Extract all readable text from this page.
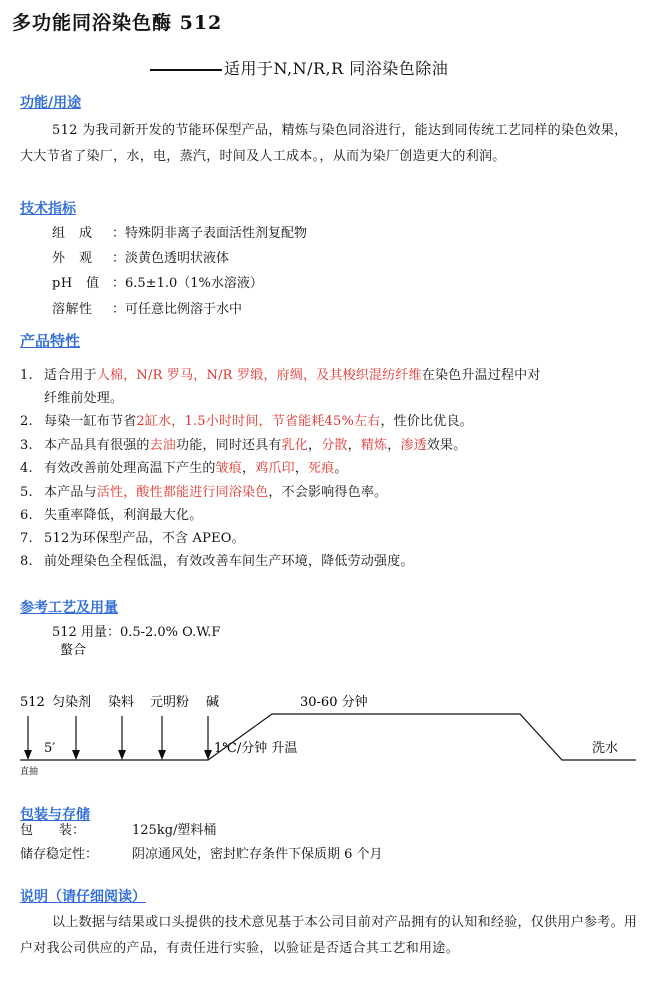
多功能同浴染色酶 512
适用于N,N/R,R 同浴染色除油
功能/用途
512 为我司新开发的节能环保型产品，精炼与染色同浴进行，能达到同传统工艺同样的染色效果，大大节省了染厂，水，电，蒸汽，时间及人工成本。，从而为染厂创造更大的利润。
技术指标
组　成 ：特殊阴非离子表面活性剂复配物
外　观 ：淡黄色透明状液体
pH　值 ：6.5±1.0（1%水溶液）
溶解性 ：可任意比例溶于水中
产品特性
1. 适合用于人棉，N/R 罗马，N/R 罗缎，府绸，及其梭织混纺纤维在染色升温过程中对
纤维前处理。
2. 每染一缸布节省2缸水，1.5小时时间，节省能耗45%左右，性价比优良。
3. 本产品具有很强的去油功能，同时还具有乳化，分散，精炼，渗透效果。
4. 有效改善前处理高温下产生的皱痕，鸡爪印，死痕。
5. 本产品与活性，酸性都能进行同浴染色，不会影响得色率。
6. 失重率降低，利润最大化。
7. 512为环保型产品，不含 APEO。
8. 前处理染色全程低温，有效改善车间生产环境，降低劳动强度。
参考工艺及用量
512 用量：0.5-2.0% O.W.F
螯合
512 匀染剂 染料 元明粉 碱	30-60 分钟
5′	1℃/分钟 升温	洗水
直抽
包装与存储
包　　装：	125kg/塑料桶
储存稳定性：	阴凉通风处，密封贮存条件下保质期 6 个月
说明（请仔细阅读）
以上数据与结果或口头提供的技术意见基于本公司目前对产品拥有的认知和经验，仅供用户参考。用户对我公司供应的产品，有责任进行实验，以验证是否适合其工艺和用途。
